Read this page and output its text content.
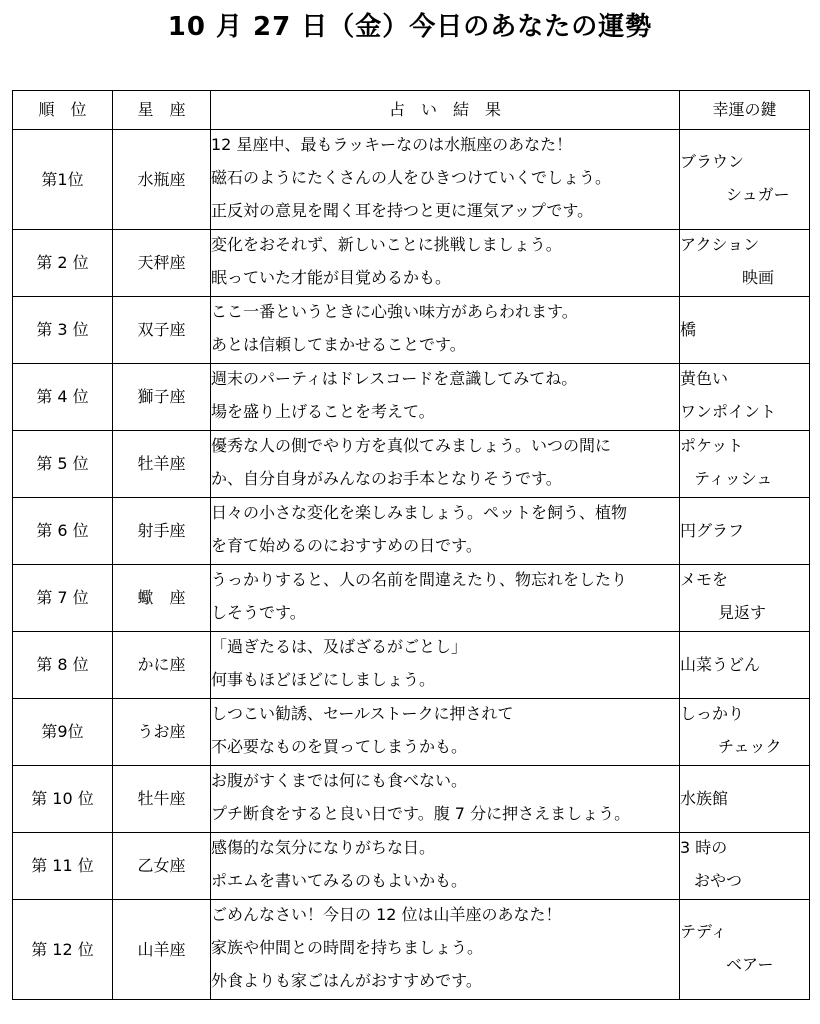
10 月 27 日（金）今日のあなたの運勢
順　位	星　座	占　い　結　果	幸運の鍵
第1位	水瓶座	12 星座中、最もラッキーなのは水瓶座のあなた！
磁石のようにたくさんの人をひきつけていくでしょう。
正反対の意見を聞く耳を持つと更に運気アップです。	ブラウン
シュガー

第 2 位	天秤座	変化をおそれず、新しいことに挑戦しましょう。
眠っていた才能が目覚めるかも。	アクション
映画

第 3 位	双子座	ここ一番というときに心強い味方があらわれます。
あとは信頼してまかせることです。	橋

第 4 位	獅子座	週末のパーティはドレスコードを意識してみてね。
場を盛り上げることを考えて。	黄色い
ワンポイント

第 5 位	牡羊座	優秀な人の側でやり方を真似てみましょう。いつの間に
か、自分自身がみんなのお手本となりそうです。	ポケット
ティッシュ

第 6 位	射手座	日々の小さな変化を楽しみましょう。ペットを飼う、植物
を育て始めるのにおすすめの日です。	円グラフ

第 7 位	蠍　座	うっかりすると、人の名前を間違えたり、物忘れをしたり
しそうです。	メモを
見返す

第 8 位	かに座	「過ぎたるは、及ばざるがごとし」
何事もほどほどにしましょう。	山菜うどん

第9位	うお座	しつこい勧誘、セールストークに押されて
不必要なものを買ってしまうかも。	しっかり
チェック

第 10 位	牡牛座	お腹がすくまでは何にも食べない。
プチ断食をすると良い日です。腹 7 分に押さえましょう。	水族館

第 11 位	乙女座	感傷的な気分になりがちな日。
ポエムを書いてみるのもよいかも。	3 時の
おやつ

第 12 位	山羊座	ごめんなさい！今日の 12 位は山羊座のあなた！
家族や仲間との時間を持ちましょう。
外食よりも家ごはんがおすすめです。	テディ
ベアー
